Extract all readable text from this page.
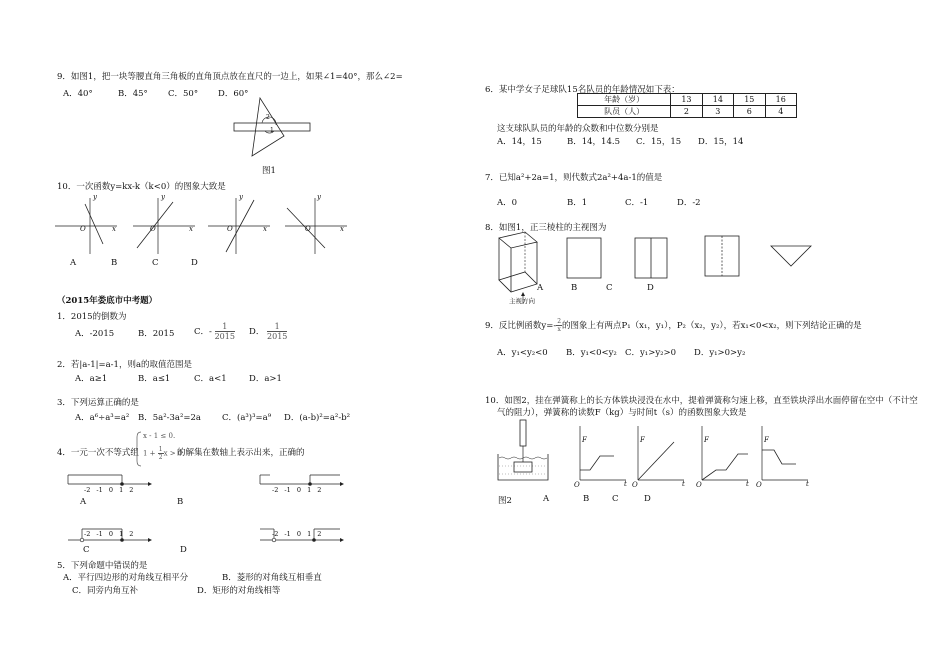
9．如图1，把一块等腰直角三角板的直角顶点放在直尺的一边上，如果∠1=40°，那么∠2=
A．40°	B．45° C．50° D．60°
2
1
图1
10．一次函数y=kx-k（k<0）的图象大致是
y
O	x
y
O	x
y
O	x
y
O	x
A	B	C	D
（2015年娄底市中考题）
1．2015的倒数为
A．-2015	B．2015 C．- $\frac{1}{2015}$ D． $\frac{1}{2015}$
2．若|a-1|=a-1，则a的取值范围是
A．a≥1	B．a≤1	C．a<1	D．a>1
3．下列运算正确的是
A．a⁶÷a³=a² B．5a²-3a²=2a C．(a³)³=a⁹ D．(a-b)²=a²-b²
4．一元一次不等式组
x - 1 ≤ 0.
$1 + \frac{1}{2}x > 0$
的解集在数轴上表示出来，正确的
-2 -1 0 1 2	-2 -1 0 1 2
-2 -1 0 1 2	-2 -1 0 1 2
A	B
C	D
5．下列命题中错误的是
A．平行四边形的对角线互相平分	B．菱形的对角线互相垂直
C．同旁内角互补	D．矩形的对角线相等
6．某中学女子足球队15名队员的年龄情况如下表：
年龄（岁）	13	14	15	16
队员（人）	2	3	6	4
这支球队队员的年龄的众数和中位数分别是
A．14，15	B．14，14.5 C．15，15 D．15，14
7．已知a²+2a=1，则代数式2a²+4a-1的值是
A．0	B．1	C．-1	D．-2
8．如图1，正三棱柱的主视图为
主视方向
A	B	C	D
9．反比例函数$y=- \frac{2}{x}$的图象上有两点P₁（x₁，y₁），P₂（x₂，y₂），若x₁<0<x₂，则下列结论正确的是
A．y₁<y₂<0 B．y₁<0<y₂ C．y₁>y₂>0 D．y₁>0>y₂
10．如图2，挂在弹簧称上的长方体铁块浸没在水中，提着弹簧称匀速上移，直至铁块浮出水面停留在空中（不计空
气的阻力），弹簧称的读数F（kg）与时间t（s）的函数图象大致是
F
O	t
F
O	t
F
O	t
F
O	t
图2	A	B	C	D
